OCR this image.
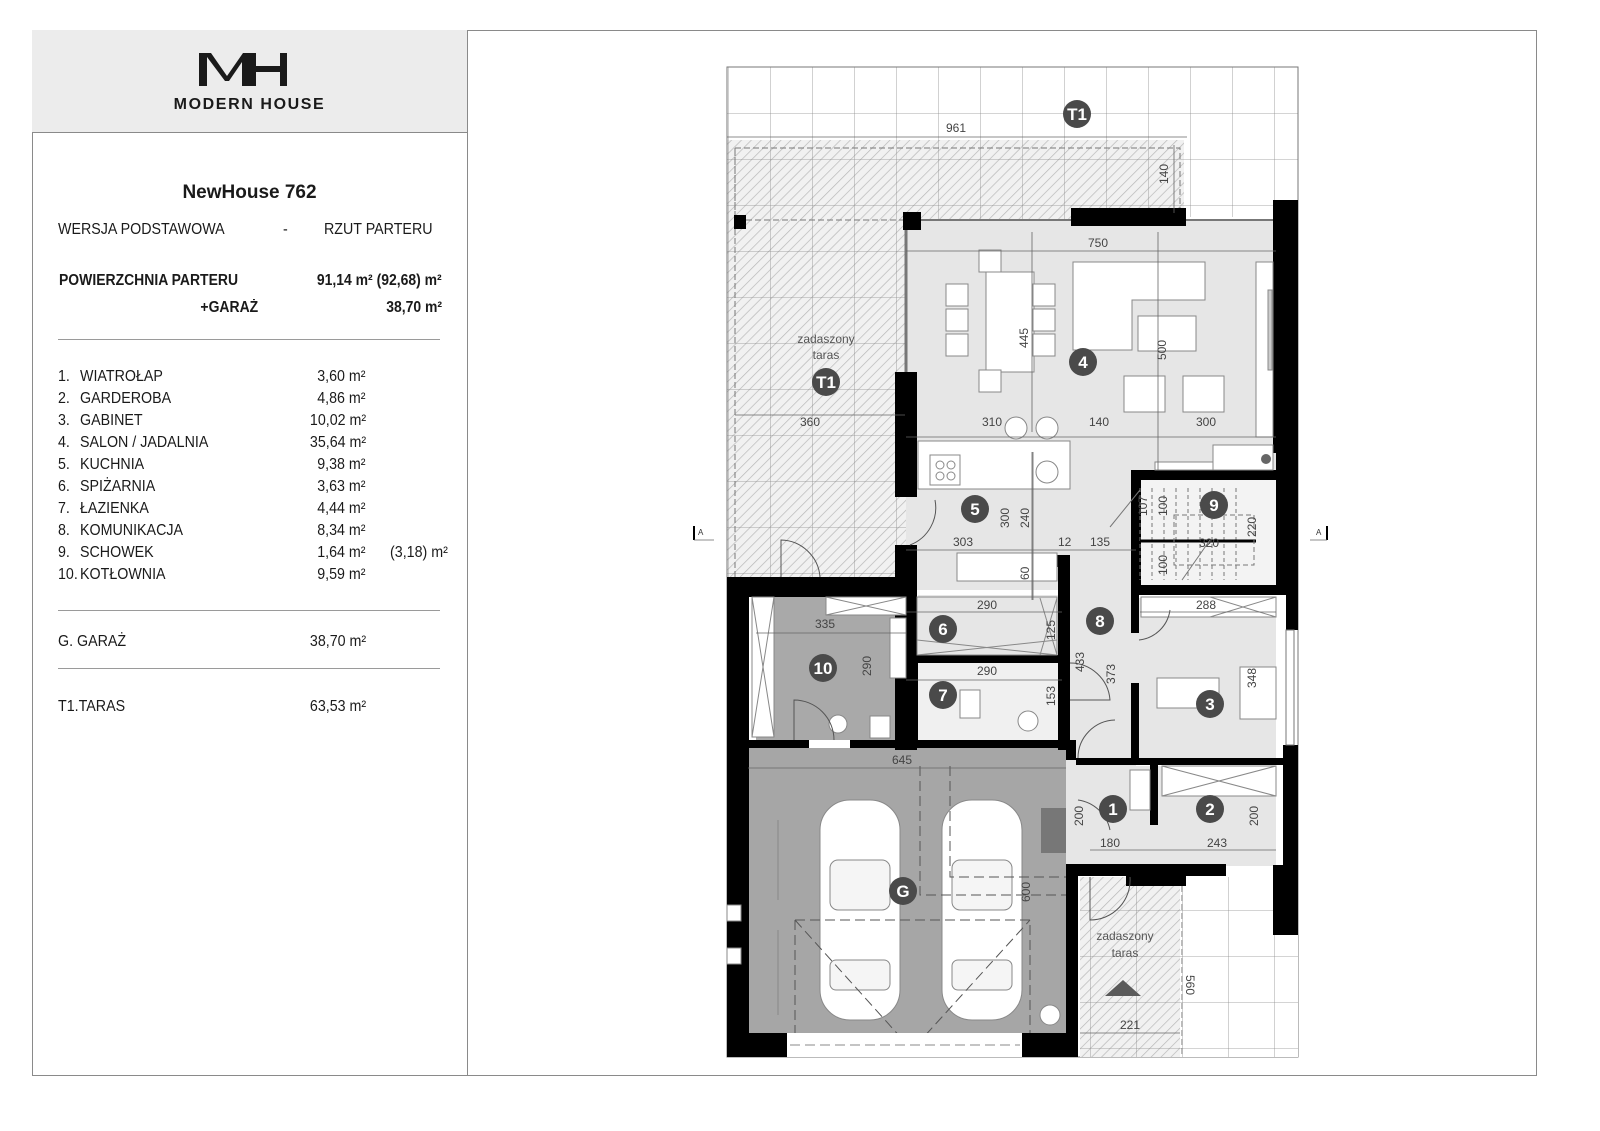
MODERN HOUSE
NewHouse 762
WERSJA PODSTAWOWA	- RZUT PARTERU
POWIERZCHNIA PARTERU	91,14 m² (92,68) m²
+GARAŻ	38,70 m²
1. WIATROŁAP	3,60 m²
2. GARDEROBA	4,86 m²
3. GABINET	10,02 m²
4. SALON / JADALNIA	35,64 m²
5. KUCHNIA	9,38 m²
6. SPIŻARNIA	3,63 m²
7. ŁAZIENKA	4,44 m²
8. KOMUNIKACJA	8,34 m²
9. SCHOWEK	1,64 m² (3,18) m²
10. KOTŁOWNIA	9,59 m²
G. GARAŻ	38,70 m²
T1.TARAS	63,53 m²
961
140
750
445
500
360	310	140	300
300 240
303	12 135
60
107 100
100
320
220
290
125
290
153
335
290
288
433
373	348
200
180	243
200
645
600
560
221
zadaszony
taras
zadaszony
taras
A	A
T1
T1
4
5	9
6
7
10
8
3
1	2
G
